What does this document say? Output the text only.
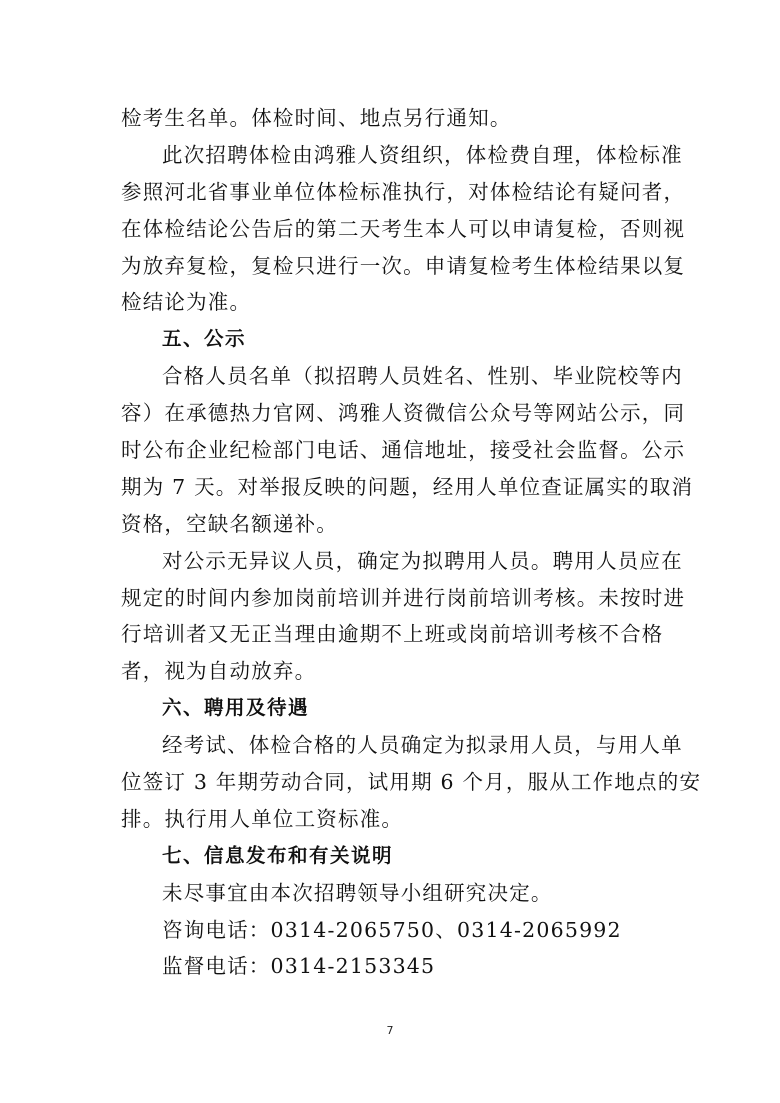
检考生名单。体检时间、地点另行通知。
此次招聘体检由鸿雅人资组织，体检费自理，体检标准
参照河北省事业单位体检标准执行，对体检结论有疑问者，
在体检结论公告后的第二天考生本人可以申请复检，否则视
为放弃复检，复检只进行一次。申请复检考生体检结果以复
检结论为准。
五、公示
合格人员名单（拟招聘人员姓名、性别、毕业院校等内
容）在承德热力官网、鸿雅人资微信公众号等网站公示，同
时公布企业纪检部门电话、通信地址，接受社会监督。公示
期为 7 天。对举报反映的问题，经用人单位查证属实的取消
资格，空缺名额递补。
对公示无异议人员，确定为拟聘用人员。聘用人员应在
规定的时间内参加岗前培训并进行岗前培训考核。未按时进
行培训者又无正当理由逾期不上班或岗前培训考核不合格
者，视为自动放弃。
六、聘用及待遇
经考试、体检合格的人员确定为拟录用人员，与用人单
位签订 3 年期劳动合同，试用期 6 个月，服从工作地点的安
排。执行用人单位工资标准。
七、信息发布和有关说明
未尽事宜由本次招聘领导小组研究决定。
咨询电话：0314-2065750、0314-2065992
监督电话：0314-2153345
7
